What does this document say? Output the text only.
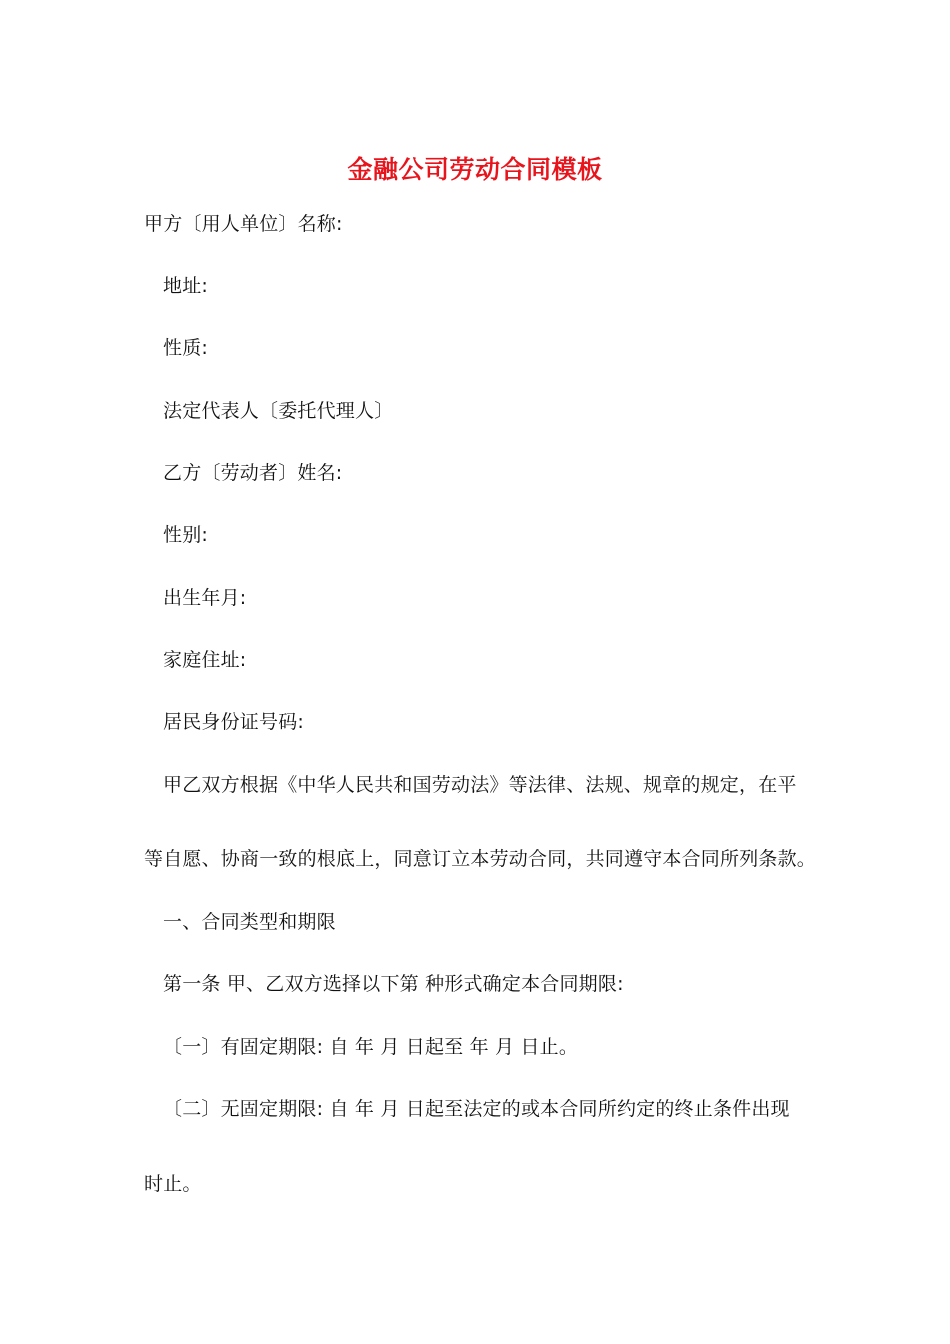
金融公司劳动合同模板
甲方〔用人单位〕名称:
地址:
性质:
法定代表人〔委托代理人〕
乙方〔劳动者〕姓名:
性别:
出生年月:
家庭住址:
居民身份证号码:
甲乙双方根据《中华人民共和国劳动法》等法律、法规、规章的规定，在平
等自愿、协商一致的根底上，同意订立本劳动合同，共同遵守本合同所列条款。
一、合同类型和期限
第一条 甲、乙双方选择以下第 种形式确定本合同期限:
〔一〕有固定期限: 自 年 月 日起至 年 月 日止。
〔二〕无固定期限: 自 年 月 日起至法定的或本合同所约定的终止条件出现
时止。
